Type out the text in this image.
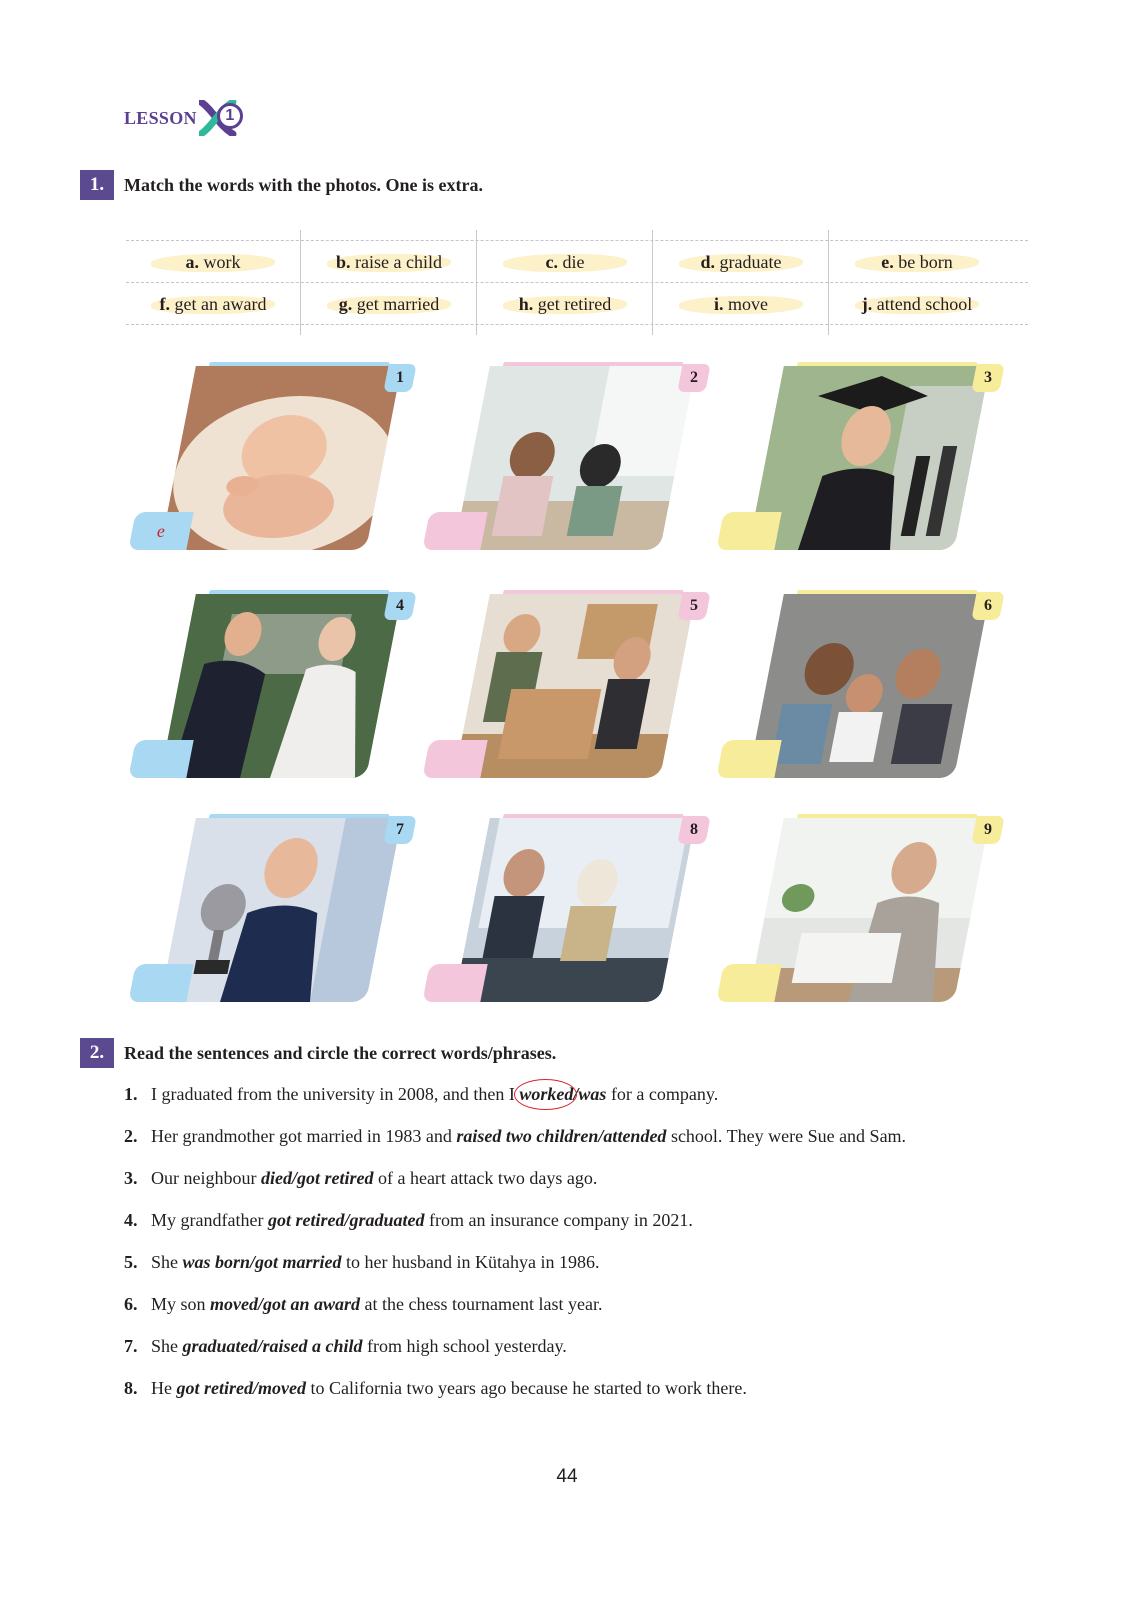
LESSON	1
1.	Match the words with the photos. One is extra.
a. work	b. raise a child	c. die	d. graduate	e. be born
f. get an award	g. get married	h. get retired	i. move	j. attend school
1
e
2	3
4	5	6
7	8	9
2.	Read the sentences and circle the correct words/phrases.
1. I graduated from the university in 2008, and then I worked/was for a company.
2. Her grandmother got married in 1983 and raised two children/attended school. They were Sue and Sam.
3. Our neighbour died/got retired of a heart attack two days ago.
4. My grandfather got retired/graduated from an insurance company in 2021.
5. She was born/got married to her husband in Kütahya in 1986.
6. My son moved/got an award at the chess tournament last year.
7. She graduated/raised a child from high school yesterday.
8. He got retired/moved to California two years ago because he started to work there.
44
